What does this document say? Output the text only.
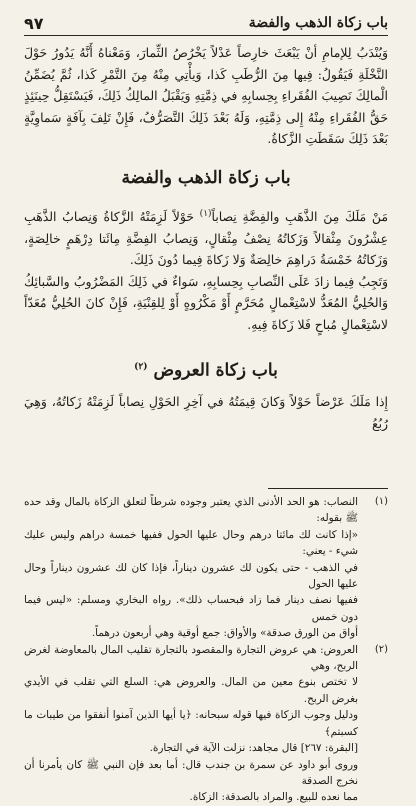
باب زكاة الذهب والفضة
٩٧

وَيُنْدَبُ لِلإمامِ أنْ يَبْعَثَ خارِصاً عَدْلاً يَخْرُصُ الثِّمارَ، وَمَعْناهُ أَنَّهُ يَدُورُ حَوْلَ النَّخْلَةِ فَيَقُولُ: فِيها مِنَ الرُّطَبِ كَذا، وَيأْتِي مِنْهُ مِنَ التَّمْرِ كَذا، ثُمَّ يُضَمِّنُ الْمالِكَ نَصِيبَ الفُقَراءِ بِحِسابِهِ في ذِمَّتِهِ وَيَقْبَلُ المالِكُ ذَلِكَ، فَيَسْتَقِلُّ حِينَئِذٍ حَقُّ الفُقَراءِ مِنْهُ إِلى ذِمَّتِهِ، وَلَهُ بَعْدَ ذَلِكَ التَّصَرُّفُ، فَإِنْ تَلِفَ بِآفَةٍ سَماوِيَّةٍ بَعْدَ ذَلِكَ سَقَطَتِ الزَّكاةُ.

باب زكاة الذهب والفضة

مَنْ مَلَكَ مِنَ الذَّهَبِ والفِضَّةِ نِصاباً$^{(١)}$ حَوْلاً لَزِمَتْهُ الزَّكاةُ وَنِصابُ الذَّهَبِ عِشْرُونَ مِثْقالاً وَزَكاتُهُ نِصْفُ مِثْقالٍ، وَنِصابُ الفِضَّةِ مِائَتا دِرْهَمٍ خالِصَةٍ، وَزَكاتُهُ خَمْسَةُ دَراهِمَ خالِصَةٌ وَلا زَكاةَ فِيما دُونَ ذَلِكَ.

وَتَجِبُ فِيما زادَ عَلَى النِّصابِ بِحِسابِهِ، سَواءٌ في ذَلِكَ المَضْرُوبُ والسَّبائِكُ وَالحُلِيُّ المُعَدُّ لاسْتِعْمالٍ مُحَرَّمٍ أَوْ مَكْرُوهٍ أَوْ لِلقِنْيَةِ، فَإِنْ كانَ الحُلِيُّ مُعَدّاً لاسْتِعْمالٍ مُباحٍ فَلا زَكاةَ فِيهِ.

باب زكاة العروض $^{(٢)}$

إِذا مَلَكَ عَرْضاً حَوْلاً وَكانَ قِيمَتُهُ في آخِرِ الحَوْلِ نِصاباً لَزِمَتْهُ زَكاتُهُ، وَهِيَ رُبُعُ

(١)
النصاب: هو الحد الأدنى الذي يعتبر وجوده شرطاً لتعلق الزكاة بالمال وقد حده ﷺ بقوله:

«إذا كانت لك مائتا درهم وحال عليها الحول ففيها خمسة دراهم وليس عليك شيء - يعني:

في الذهب - حتى يكون لك عشرون ديناراً، فإذا كان لك عشرون ديناراً وحال عليها الحول

ففيها نصف دينار فما زاد فبحساب ذلك». رواه البخاري ومسلم: «ليس فيما دون خمس

أواق من الورق صدقة» والأواق: جمع أوقية وهي أربعون درهماً.

(٢)
العروض: هي عروض التجارة والمقصود بالتجارة تقليب المال بالمعاوضة لغرض الربح، وهي

لا تختص بنوع معين من المال. والعروض هي: السلع التي تقلب في الأيدي بغرض الربح.

ودليل وجوب الزكاة فيها قوله سبحانه: ﴿يا أيها الذين آمنوا أنفقوا من طيبات ما كسبتم﴾

[البقرة: ٢٦٧] قال مجاهد: نزلت الآية في التجارة.

وروى أبو داود عن سمرة بن جندب قال: أما بعد فإن النبي ﷺ كان يأمرنا أن نخرج الصدقة

مما نعده للبيع. والمراد بالصدقة: الزكاة.
